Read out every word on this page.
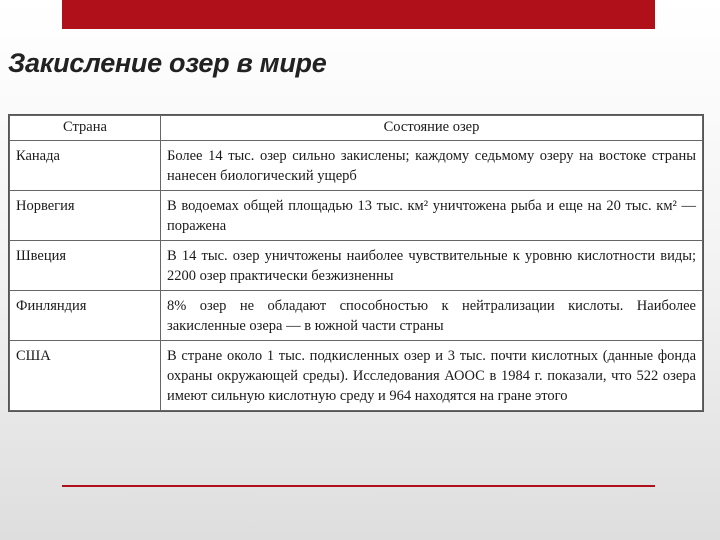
Закисление озер в мире
Страна	Состояние озер
Канада	Более 14 тыс. озер сильно закислены; каждому седьмому озеру на востоке страны нанесен биологический ущерб
Норвегия	В водоемах общей площадью 13 тыс. км² уничтожена рыба и еще на 20 тыс. км² — поражена
Швеция	В 14 тыс. озер уничтожены наиболее чувствительные к уровню кислотности виды; 2200 озер практически безжизненны
Финляндия	8% озер не обладают способностью к нейтрализации кислоты. Наиболее закисленные озера — в южной части страны
США	В стране около 1 тыс. подкисленных озер и 3 тыс. почти кислотных (данные фонда охраны окружающей среды). Исследования АООС в 1984 г. показали, что 522 озера имеют сильную кислотную среду и 964 находятся на гране этого
